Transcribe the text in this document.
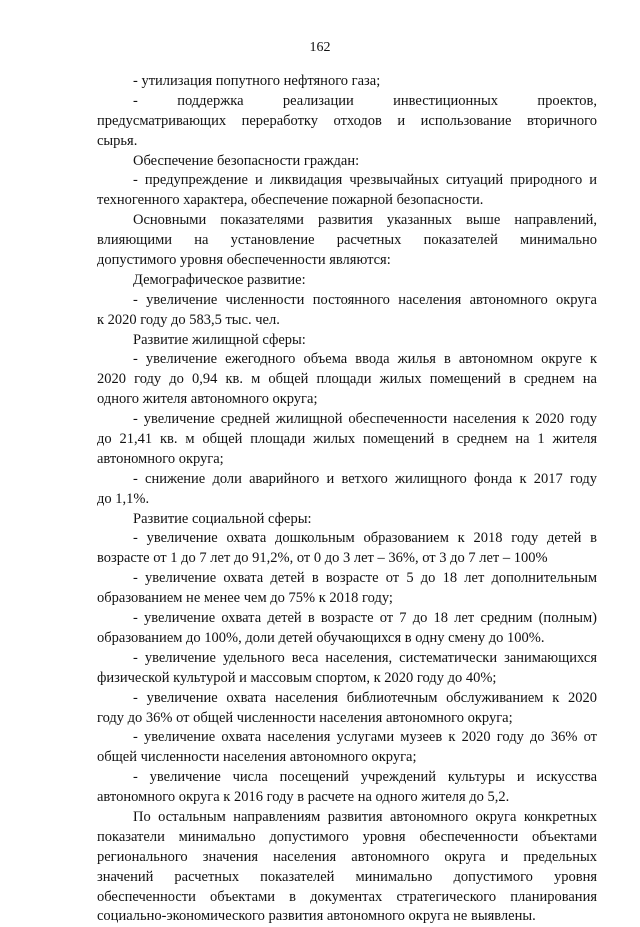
162
- утилизация попутного нефтяного газа;
- поддержка реализации инвестиционных проектов,
предусматривающих переработку отходов и использование вторичного
сырья.
Обеспечение безопасности граждан:
- предупреждение и ликвидация чрезвычайных ситуаций природного и
техногенного характера, обеспечение пожарной безопасности.
Основными показателями развития указанных выше направлений,
влияющими на установление расчетных показателей минимально
допустимого уровня обеспеченности являются:
Демографическое развитие:
- увеличение численности постоянного населения автономного округа
к 2020 году до 583,5 тыс. чел.
Развитие жилищной сферы:
- увеличение ежегодного объема ввода жилья в автономном округе к
2020 году до 0,94 кв. м общей площади жилых помещений в среднем на
одного жителя автономного округа;
- увеличение средней жилищной обеспеченности населения к 2020 году
до 21,41 кв. м общей площади жилых помещений в среднем на 1 жителя
автономного округа;
- снижение доли аварийного и ветхого жилищного фонда к 2017 году
до 1,1%.
Развитие социальной сферы:
- увеличение охвата дошкольным образованием к 2018 году детей в
возрасте от 1 до 7 лет до 91,2%, от 0 до 3 лет – 36%, от 3 до 7 лет – 100%
- увеличение охвата детей в возрасте от 5 до 18 лет дополнительным
образованием не менее чем до 75% к 2018 году;
- увеличение охвата детей в возрасте от 7 до 18 лет средним (полным)
образованием до 100%, доли детей обучающихся в одну смену до 100%.
- увеличение удельного веса населения, систематически занимающихся
физической культурой и массовым спортом, к 2020 году до 40%;
- увеличение охвата населения библиотечным обслуживанием к 2020
году до 36% от общей численности населения автономного округа;
- увеличение охвата населения услугами музеев к 2020 году до 36% от
общей численности населения автономного округа;
- увеличение числа посещений учреждений культуры и искусства
автономного округа к 2016 году в расчете на одного жителя до 5,2.
По остальным направлениям развития автономного округа конкретных
показатели минимально допустимого уровня обеспеченности объектами
регионального значения населения автономного округа и предельных
значений расчетных показателей минимально допустимого уровня
обеспеченности объектами в документах стратегического планирования
социально-экономического развития автономного округа не выявлены.
